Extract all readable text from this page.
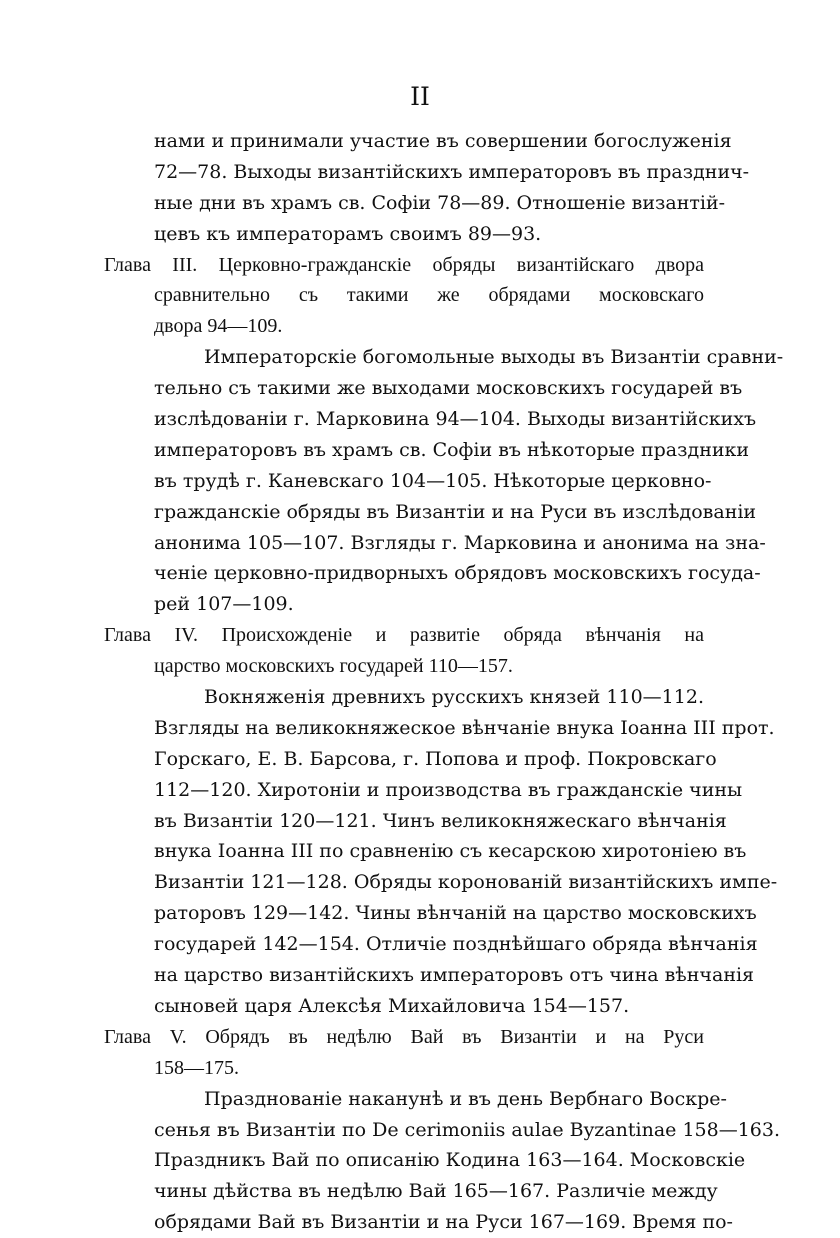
II
нами и принимали участие въ совершении богослуженія
72—78. Выходы византійскихъ императоровъ въ празднич-
ные дни въ храмъ св. Софіи 78—89. Отношеніе византій-
цевъ къ императорамъ своимъ 89—93.
Глава III. Церковно-гражданскіе обряды византійскаго двора
сравнительно съ такими же обрядами московскаго
двора 94—109.
Императорскіе богомольные выходы въ Византіи сравни-
тельно съ такими же выходами московскихъ государей въ
изслѣдованіи г. Марковина 94—104. Выходы византійскихъ
императоровъ въ храмъ св. Софіи въ нѣкоторые праздники
въ трудѣ г. Каневскаго 104—105. Нѣкоторые церковно-
гражданскіе обряды въ Византіи и на Руси въ изслѣдованіи
анонима 105—107. Взгляды г. Марковина и анонима на зна-
ченіе церковно-придворныхъ обрядовъ московскихъ госуда-
рей 107—109.
Глава IV. Происхожденіе и развитіе обряда вѣнчанія на
царство московскихъ государей 110—157.
Вокняженія древнихъ русскихъ князей 110—112.
Взгляды на великокняжеское вѣнчаніе внука Іоанна III прот.
Горскаго, Е. В. Барсова, г. Попова и проф. Покровскаго
112—120. Хиротоніи и производства въ гражданскіе чины
въ Византіи 120—121. Чинъ великокняжескаго вѣнчанія
внука Іоанна III по сравненію съ кесарскою хиротоніею въ
Византіи 121—128. Обряды коронованій византійскихъ импе-
раторовъ 129—142. Чины вѣнчаній на царство московскихъ
государей 142—154. Отличіе позднѣйшаго обряда вѣнчанія
на царство византійскихъ императоровъ отъ чина вѣнчанія
сыновей царя Алексѣя Михайловича 154—157.
Глава V. Обрядъ въ недѣлю Вай въ Византіи и на Руси
158—175.
Празднованіе наканунѣ и въ день Вербнаго Воскре-
сенья въ Византіи по De cerimoniis aulae Byzantinae 158—163.
Праздникъ Вай по описанію Кодина 163—164. Московскіе
чины дѣйства въ недѣлю Вай 165—167. Различіе между
обрядами Вай въ Византіи и на Руси 167—169. Время по-
